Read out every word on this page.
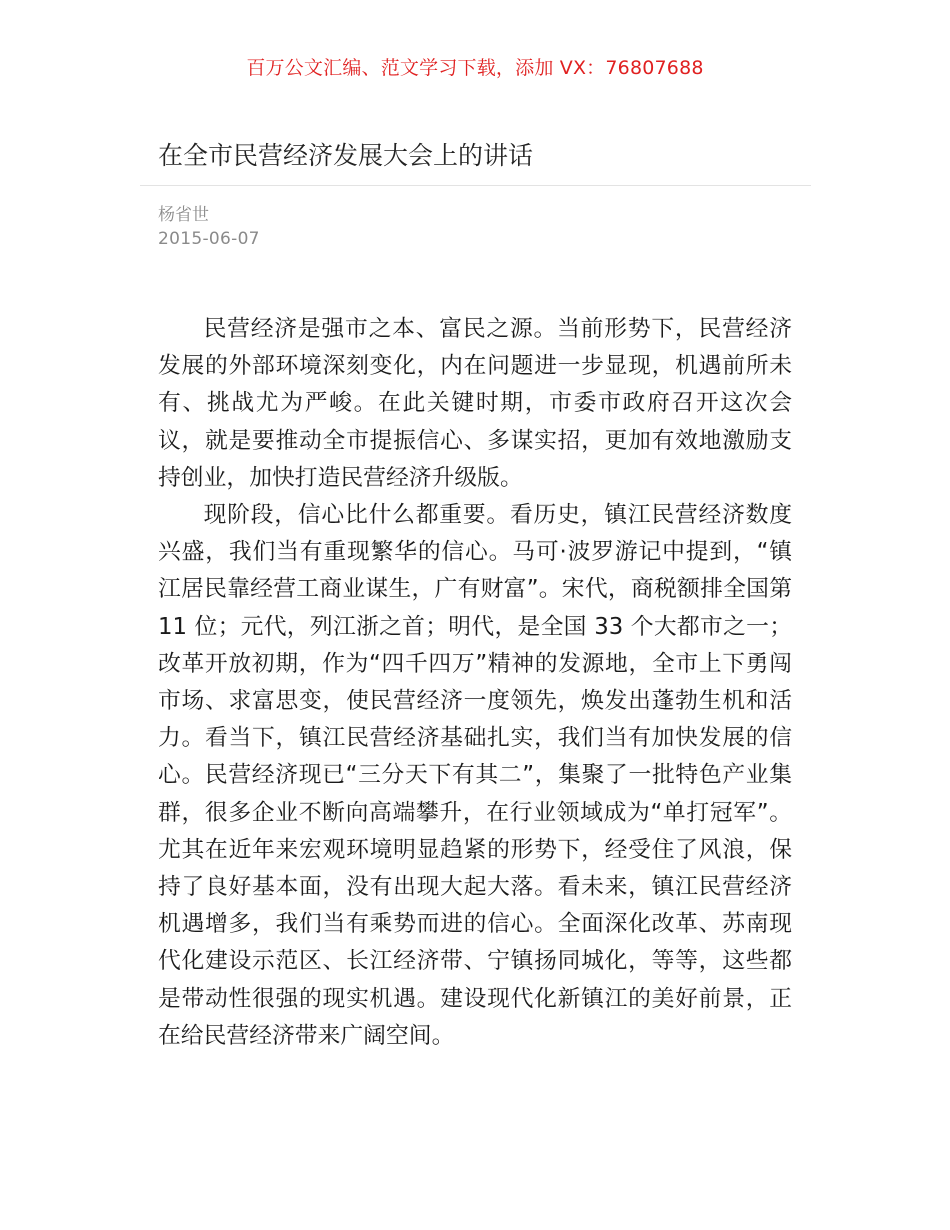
百万公文汇编、范文学习下载，添加 VX：76807688
在全市民营经济发展大会上的讲话
杨省世
2015-06-07

民营经济是强市之本、富民之源。当前形势下，民营经济发展的外部环境深刻变化，内在问题进一步显现，机遇前所未有、挑战尤为严峻。在此关键时期，市委市政府召开这次会议，就是要推动全市提振信心、多谋实招，更加有效地激励支持创业，加快打造民营经济升级版。

现阶段，信心比什么都重要。看历史，镇江民营经济数度兴盛，我们当有重现繁华的信心。马可·波罗游记中提到，“镇江居民靠经营工商业谋生，广有财富”。宋代，商税额排全国第 11 位；元代，列江浙之首；明代，是全国 33 个大都市之一；改革开放初期，作为“四千四万”精神的发源地，全市上下勇闯市场、求富思变，使民营经济一度领先，焕发出蓬勃生机和活力。看当下，镇江民营经济基础扎实，我们当有加快发展的信心。民营经济现已“三分天下有其二”，集聚了一批特色产业集群，很多企业不断向高端攀升，在行业领域成为“单打冠军”。尤其在近年来宏观环境明显趋紧的形势下，经受住了风浪，保持了良好基本面，没有出现大起大落。看未来，镇江民营经济机遇增多，我们当有乘势而进的信心。全面深化改革、苏南现代化建设示范区、长江经济带、宁镇扬同城化，等等，这些都是带动性很强的现实机遇。建设现代化新镇江的美好前景，正在给民营经济带来广阔空间。
